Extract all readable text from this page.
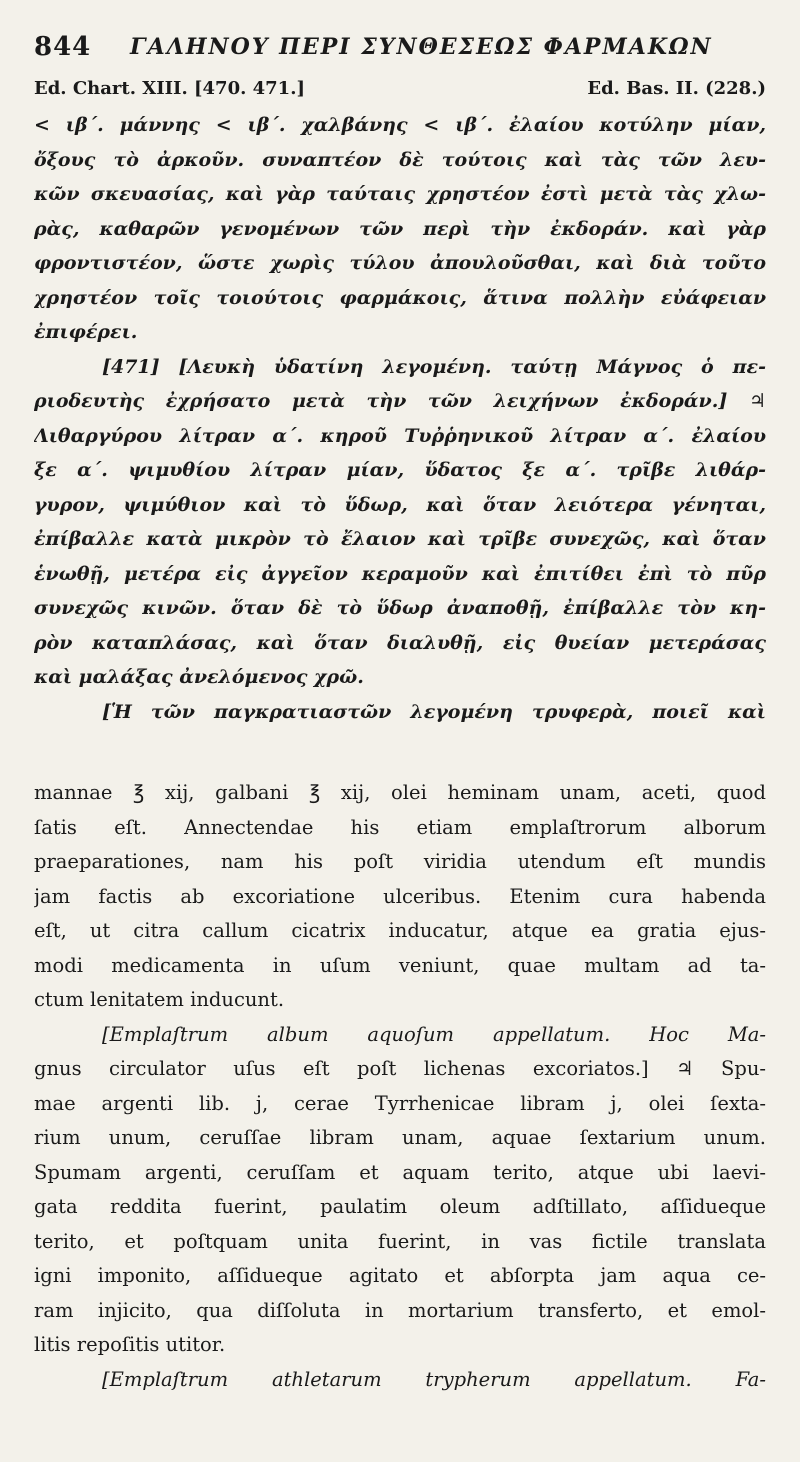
844 ΓΑΛΗΝΟΥ ΠΕΡΙ ΣΥΝΘΕΣΕΩΣ ΦΑΡΜΑΚΩΝ
Ed. Chart. XIII. [470. 471.]	Ed. Bas. II. (228.)
< ιβ΄. μάννης < ιβ΄. χαλβάνης < ιβ΄. ἐλαίου κοτύλην μίαν,
ὄξους τὸ ἀρκοῦν. συναπτέον δὲ τούτοις καὶ τὰς τῶν λευ-
κῶν σκευασίας, καὶ γὰρ ταύταις χρηστέον ἐστὶ μετὰ τὰς χλω-
ρὰς, καθαρῶν γενομένων τῶν περὶ τὴν ἐκδοράν. καὶ γὰρ
φροντιστέον, ὥστε χωρὶς τύλου ἀπουλοῦσθαι, καὶ διὰ τοῦτο
χρηστέον τοῖς τοιούτοις φαρμάκοις, ἅτινα πολλὴν εὐάφειαν
ἐπιφέρει.
[471] [Λευκὴ ὑδατίνη λεγομένη. ταύτῃ Μάγνος ὁ πε-
ριοδευτὴς ἐχρήσατο μετὰ τὴν τῶν λειχήνων ἐκδοράν.] ♃
Λιθαργύρου λίτραν α΄. κηροῦ Τυῤῥηνικοῦ λίτραν α΄. ἐλαίου
ξε α΄. ψιμυθίου λίτραν μίαν, ὕδατος ξε α΄. τρῖβε λιθάρ-
γυρον, ψιμύθιον καὶ τὸ ὕδωρ, καὶ ὅταν λειότερα γένηται,
ἐπίβαλλε κατὰ μικρὸν τὸ ἔλαιον καὶ τρῖβε συνεχῶς, καὶ ὅταν
ἑνωθῇ, μετέρα εἰς ἀγγεῖον κεραμοῦν καὶ ἐπιτίθει ἐπὶ τὸ πῦρ
συνεχῶς κινῶν. ὅταν δὲ τὸ ὕδωρ ἀναποθῇ, ἐπίβαλλε τὸν κη-
ρὸν καταπλάσας, καὶ ὅταν διαλυθῇ, εἰς θυείαν μετεράσας
καὶ μαλάξας ἀνελόμενος χρῶ.
[Ἡ τῶν παγκρατιαστῶν λεγομένη τρυφερὰ, ποιεῖ καὶ
mannae ℥ xij, galbani ℥ xij, olei heminam unam, aceti, quod
ſatis eſt. Annectendae his etiam emplaſtrorum alborum
praeparationes, nam his poſt viridia utendum eſt mundis
jam factis ab excoriatione ulceribus. Etenim cura habenda
eſt, ut citra callum cicatrix inducatur, atque ea gratia ejus-
modi medicamenta in uſum veniunt, quae multam ad ta-
ctum lenitatem inducunt.
[Emplaſtrum album aquoſum appellatum. Hoc Ma-
gnus circulator uſus eſt poſt lichenas excoriatos.] ♃ Spu-
mae argenti lib. j, cerae Tyrrhenicae libram j, olei ſexta-
rium unum, ceruſſae libram unam, aquae ſextarium unum.
Spumam argenti, ceruſſam et aquam terito, atque ubi laevi-
gata reddita fuerint, paulatim oleum adſtillato, aſſidueque
terito, et poſtquam unita fuerint, in vas fictile translata
igni imponito, aſſidueque agitato et abſorpta jam aqua ce-
ram injicito, qua diſſoluta in mortarium transferto, et emol-
litis repoſitis utitor.
[Emplaſtrum athletarum trypherum appellatum. Fa-
